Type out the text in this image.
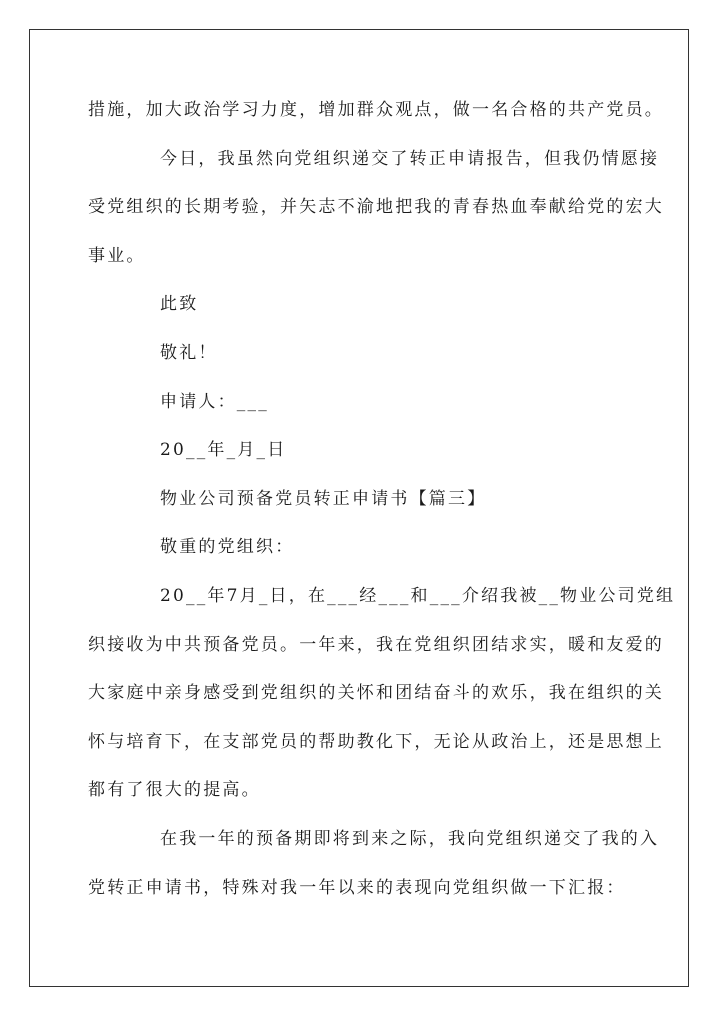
措施，加大政治学习力度，增加群众观点，做一名合格的共产党员。
今日，我虽然向党组织递交了转正申请报告，但我仍情愿接
受党组织的长期考验，并矢志不渝地把我的青春热血奉献给党的宏大
事业。
此致
敬礼！
申请人：___
20__年_月_日
物业公司预备党员转正申请书【篇三】
敬重的党组织：
20__年7月_日，在___经___和___介绍我被__物业公司党组
织接收为中共预备党员。一年来，我在党组织团结求实，暖和友爱的
大家庭中亲身感受到党组织的关怀和团结奋斗的欢乐，我在组织的关
怀与培育下，在支部党员的帮助教化下，无论从政治上，还是思想上
都有了很大的提高。
在我一年的预备期即将到来之际，我向党组织递交了我的入
党转正申请书，特殊对我一年以来的表现向党组织做一下汇报：
